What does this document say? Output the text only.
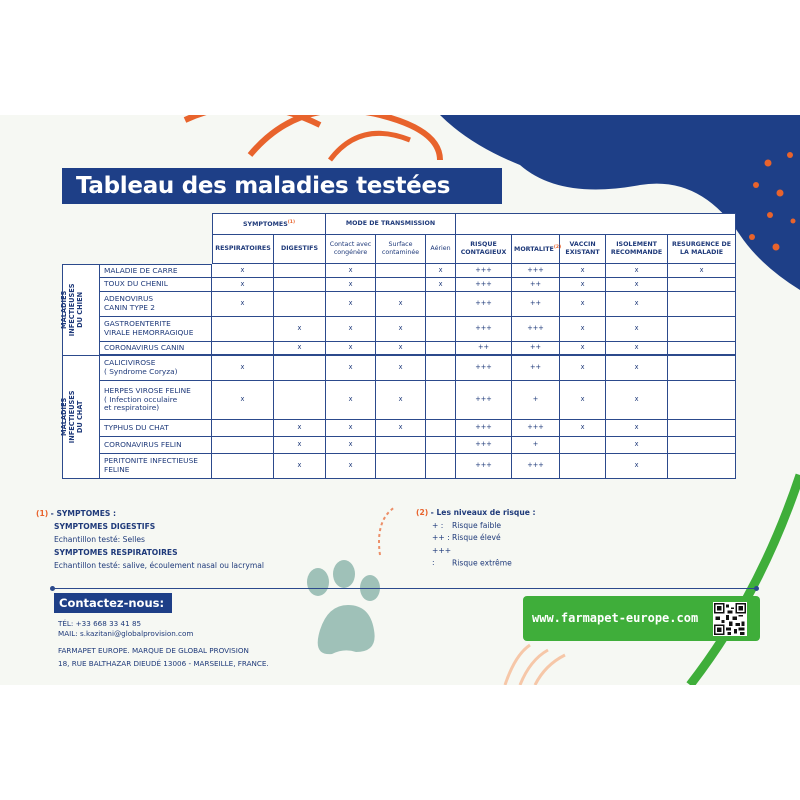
Tableau des maladies testées
		SYMPTOMES$^{(1)}$		MODE DE TRANSMISSION							
		RESPIRATOIRES	DIGESTIFS	Contact avec congénère	Surface contaminée	Aérien	RISQUE CONTAGIEUX	MORTALITE$^{(2)}$	VACCIN EXISTANT	ISOLEMENT RECOMMANDE	RESURGENCE DE LA MALADIE
MALADIES
INFECTIEUSES
DU CHIEN	MALADIE DE CARRE	x		x		x	+++	+++	x	x	x
	TOUX DU CHENIL	x		x		x	+++	++	x	x	
	ADENOVIRUS
CANIN TYPE 2	x		x	x		+++	++	x	x	
	GASTROENTERITE
VIRALE HEMORRAGIQUE		x	x	x		+++	+++	x	x	
	CORONAVIRUS CANIN		x	x	x		++	++	x	x	
MALADIES
INFECTIEUSES
DU CHAT	CALICIVIROSE
( Syndrome Coryza)	x		x	x		+++	++	x	x	
	HERPES VIROSE FELINE
( Infection occulaire
et respiratoire)	x		x	x		+++	+	x	x	
	TYPHUS DU CHAT		x	x	x		+++	+++	x	x	
	CORONAVIRUS FELIN		x	x			+++	+		x	
	PERITONITE INFECTIEUSE
FELINE		x	x			+++	+++		x	
(1) - SYMPTOMES :
SYMPTOMES DIGESTIFS
Echantillon testé: Selles
SYMPTOMES RESPIRATOIRES
Echantillon testé: salive, écoulement nasal ou lacrymal
(2) - Les niveaux de risque :
+ : Risque faible
++ : Risque élevé
+++ : Risque extrême
Contactez-nous:
TÉL: +33 668 33 41 85
MAIL: s.kazitani@globalprovision.com
FARMAPET EUROPE. MARQUE DE GLOBAL PROVISION
18, RUE BALTHAZAR DIEUDÉ 13006 - MARSEILLE, FRANCE.
www.farmapet-europe.com
